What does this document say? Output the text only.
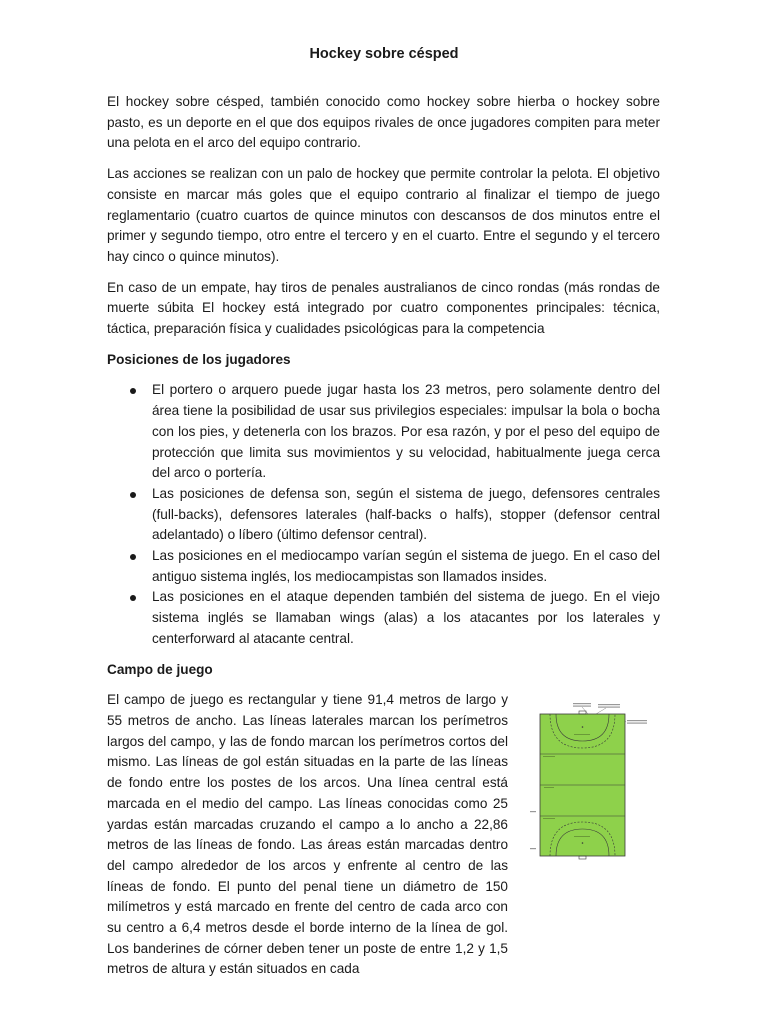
Hockey sobre césped

El hockey sobre césped, también conocido como hockey sobre hierba o hockey sobre pasto, es un deporte en el que dos equipos rivales de once jugadores compiten para meter una pelota en el arco del equipo contrario.

Las acciones se realizan con un palo de hockey que permite controlar la pelota. El objetivo consiste en marcar más goles que el equipo contrario al finalizar el tiempo de juego reglamentario (cuatro cuartos de quince minutos con descansos de dos minutos entre el primer y segundo tiempo, otro entre el tercero y en el cuarto. Entre el segundo y el tercero hay cinco o quince minutos).

En caso de un empate, hay tiros de penales australianos de cinco rondas (más rondas de muerte súbita El hockey está integrado por cuatro componentes principales: técnica, táctica, preparación física y cualidades psicológicas para la competencia

Posiciones de los jugadores
El portero o arquero puede jugar hasta los 23 metros, pero solamente dentro del área tiene la posibilidad de usar sus privilegios especiales: impulsar la bola o bocha con los pies, y detenerla con los brazos. Por esa razón, y por el peso del equipo de protección que limita sus movimientos y su velocidad, habitualmente juega cerca del arco o portería.
Las posiciones de defensa son, según el sistema de juego, defensores centrales (full-backs), defensores laterales (half-backs o halfs), stopper (defensor central adelantado) o líbero (último defensor central).
Las posiciones en el mediocampo varían según el sistema de juego. En el caso del antiguo sistema inglés, los mediocampistas son llamados insides.
Las posiciones en el ataque dependen también del sistema de juego. En el viejo sistema inglés se llamaban wings (alas) a los atacantes por los laterales y centerforward al atacante central.
Campo de juego

El campo de juego es rectangular y tiene 91,4 metros de largo y 55 metros de ancho. Las líneas laterales marcan los perímetros largos del campo, y las de fondo marcan los perímetros cortos del mismo. Las líneas de gol están situadas en la parte de las líneas de fondo entre los postes de los arcos. Una línea central está marcada en el medio del campo. Las líneas conocidas como 25 yardas están marcadas cruzando el campo a lo ancho a 22,86 metros de las líneas de fondo. Las áreas están marcadas dentro del campo alrededor de los arcos y enfrente al centro de las líneas de fondo. El punto del penal tiene un diámetro de 150 milímetros y está marcado en frente del centro de cada arco con su centro a 6,4 metros desde el borde interno de la línea de gol. Los banderines de córner deben tener un poste de entre 1,2 y 1,5 metros de altura y están situados en cada
